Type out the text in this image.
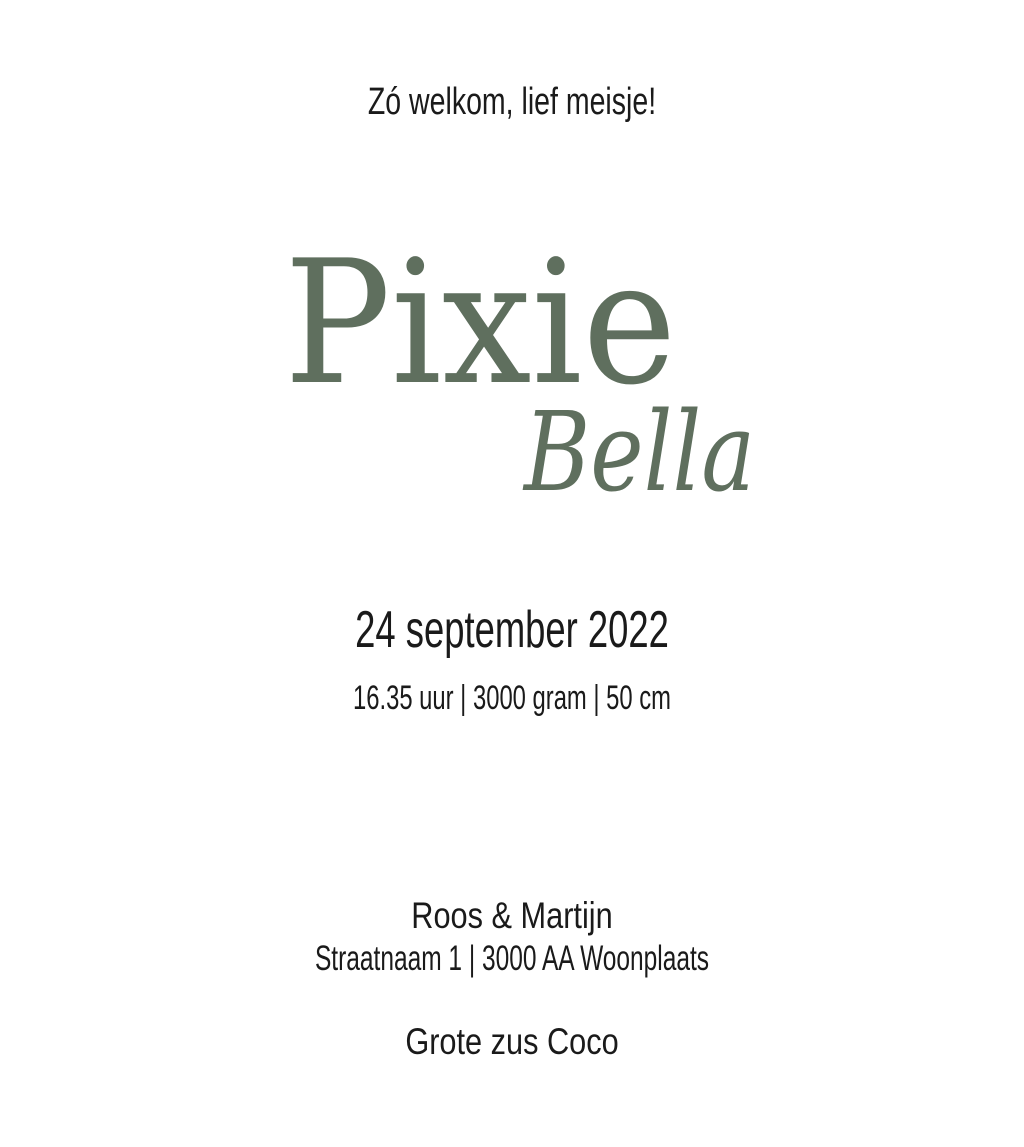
Zó welkom, lief meisje!
Pixie
Bella
24 september 2022
16.35 uur | 3000 gram | 50 cm

Roos & Martijn

Grote zus Coco

Straatnaam 1 | 3000 AA Woonplaats
